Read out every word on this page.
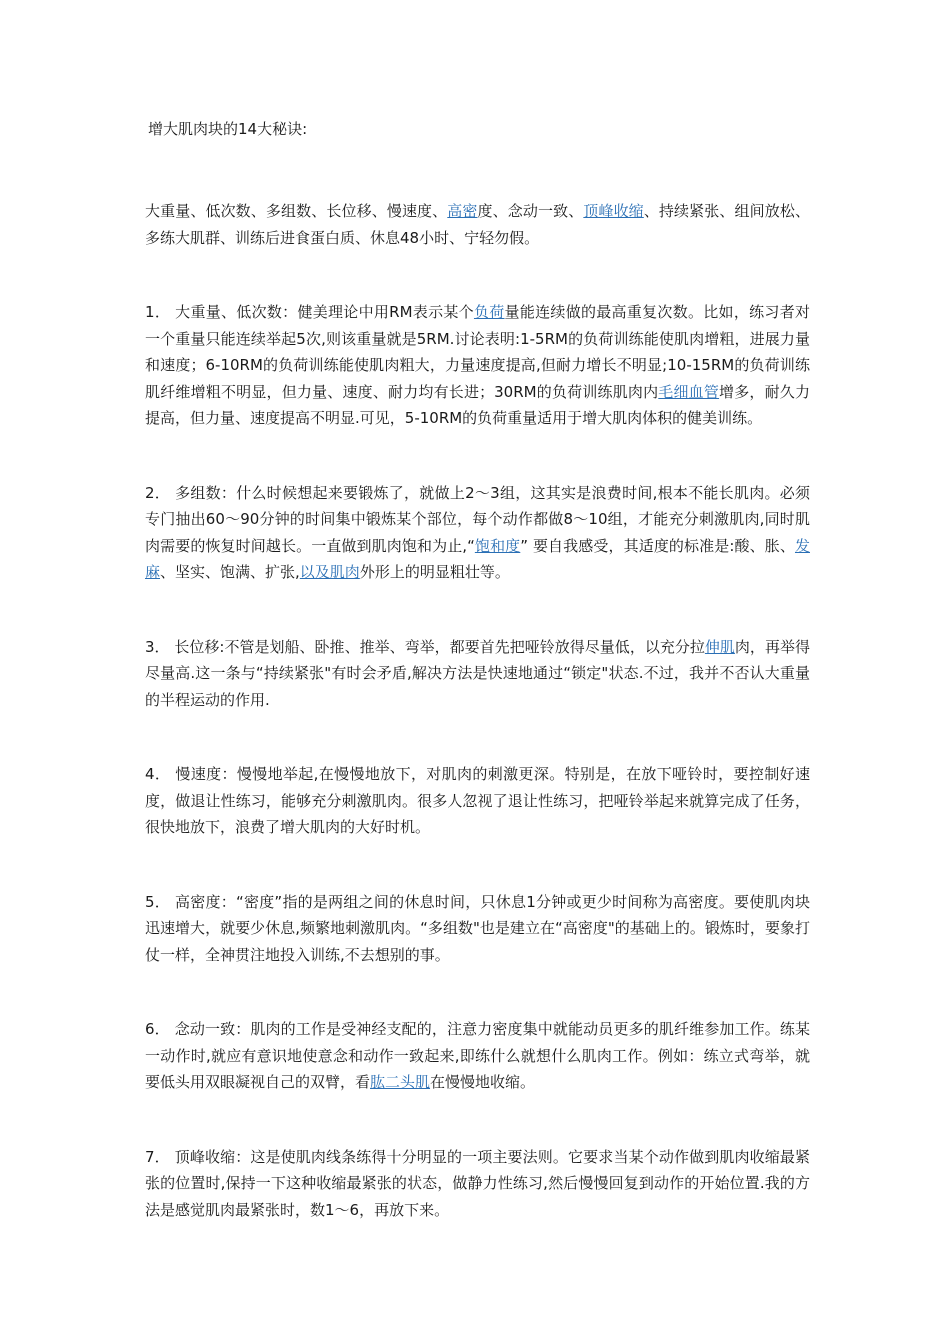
增大肌肉块的14大秘诀:

大重量、低次数、多组数、长位移、慢速度、高密度、念动一致、顶峰收缩、持续紧张、组间放松、多练大肌群、训练后进食蛋白质、休息48小时、宁轻勿假。

1． 大重量、低次数：健美理论中用RM表示某个负荷量能连续做的最高重复次数。比如，练习者对一个重量只能连续举起5次,则该重量就是5RM.讨论表明:1-5RM的负荷训练能使肌肉增粗，进展力量和速度；6-10RM的负荷训练能使肌肉粗大，力量速度提高,但耐力增长不明显;10-15RM的负荷训练肌纤维增粗不明显，但力量、速度、耐力均有长进；30RM的负荷训练肌肉内毛细血管增多，耐久力提高，但力量、速度提高不明显.可见，5-10RM的负荷重量适用于增大肌肉体积的健美训练。

2． 多组数：什么时候想起来要锻炼了，就做上2～3组，这其实是浪费时间,根本不能长肌肉。必须专门抽出60～90分钟的时间集中锻炼某个部位，每个动作都做8～10组，才能充分刺激肌肉,同时肌肉需要的恢复时间越长。一直做到肌肉饱和为止,“饱和度” 要自我感受，其适度的标准是:酸、胀、发麻、坚实、饱满、扩张,以及肌肉外形上的明显粗壮等。

3． 长位移:不管是划船、卧推、推举、弯举，都要首先把哑铃放得尽量低，以充分拉伸肌肉，再举得尽量高.这一条与“持续紧张"有时会矛盾,解决方法是快速地通过“锁定"状态.不过，我并不否认大重量的半程运动的作用.

4． 慢速度：慢慢地举起,在慢慢地放下，对肌肉的刺激更深。特别是，在放下哑铃时，要控制好速度，做退让性练习，能够充分刺激肌肉。很多人忽视了退让性练习，把哑铃举起来就算完成了任务，很快地放下，浪费了增大肌肉的大好时机。

5． 高密度：“密度”指的是两组之间的休息时间，只休息1分钟或更少时间称为高密度。要使肌肉块迅速增大，就要少休息,频繁地刺激肌肉。“多组数"也是建立在“高密度"的基础上的。锻炼时，要象打仗一样，全神贯注地投入训练,不去想别的事。

6． 念动一致：肌肉的工作是受神经支配的，注意力密度集中就能动员更多的肌纤维参加工作。练某一动作时,就应有意识地使意念和动作一致起来,即练什么就想什么肌肉工作。例如：练立式弯举，就要低头用双眼凝视自己的双臂，看肱二头肌在慢慢地收缩。

7． 顶峰收缩：这是使肌肉线条练得十分明显的一项主要法则。它要求当某个动作做到肌肉收缩最紧张的位置时,保持一下这种收缩最紧张的状态，做静力性练习,然后慢慢回复到动作的开始位置.我的方法是感觉肌肉最紧张时，数1～6，再放下来。
